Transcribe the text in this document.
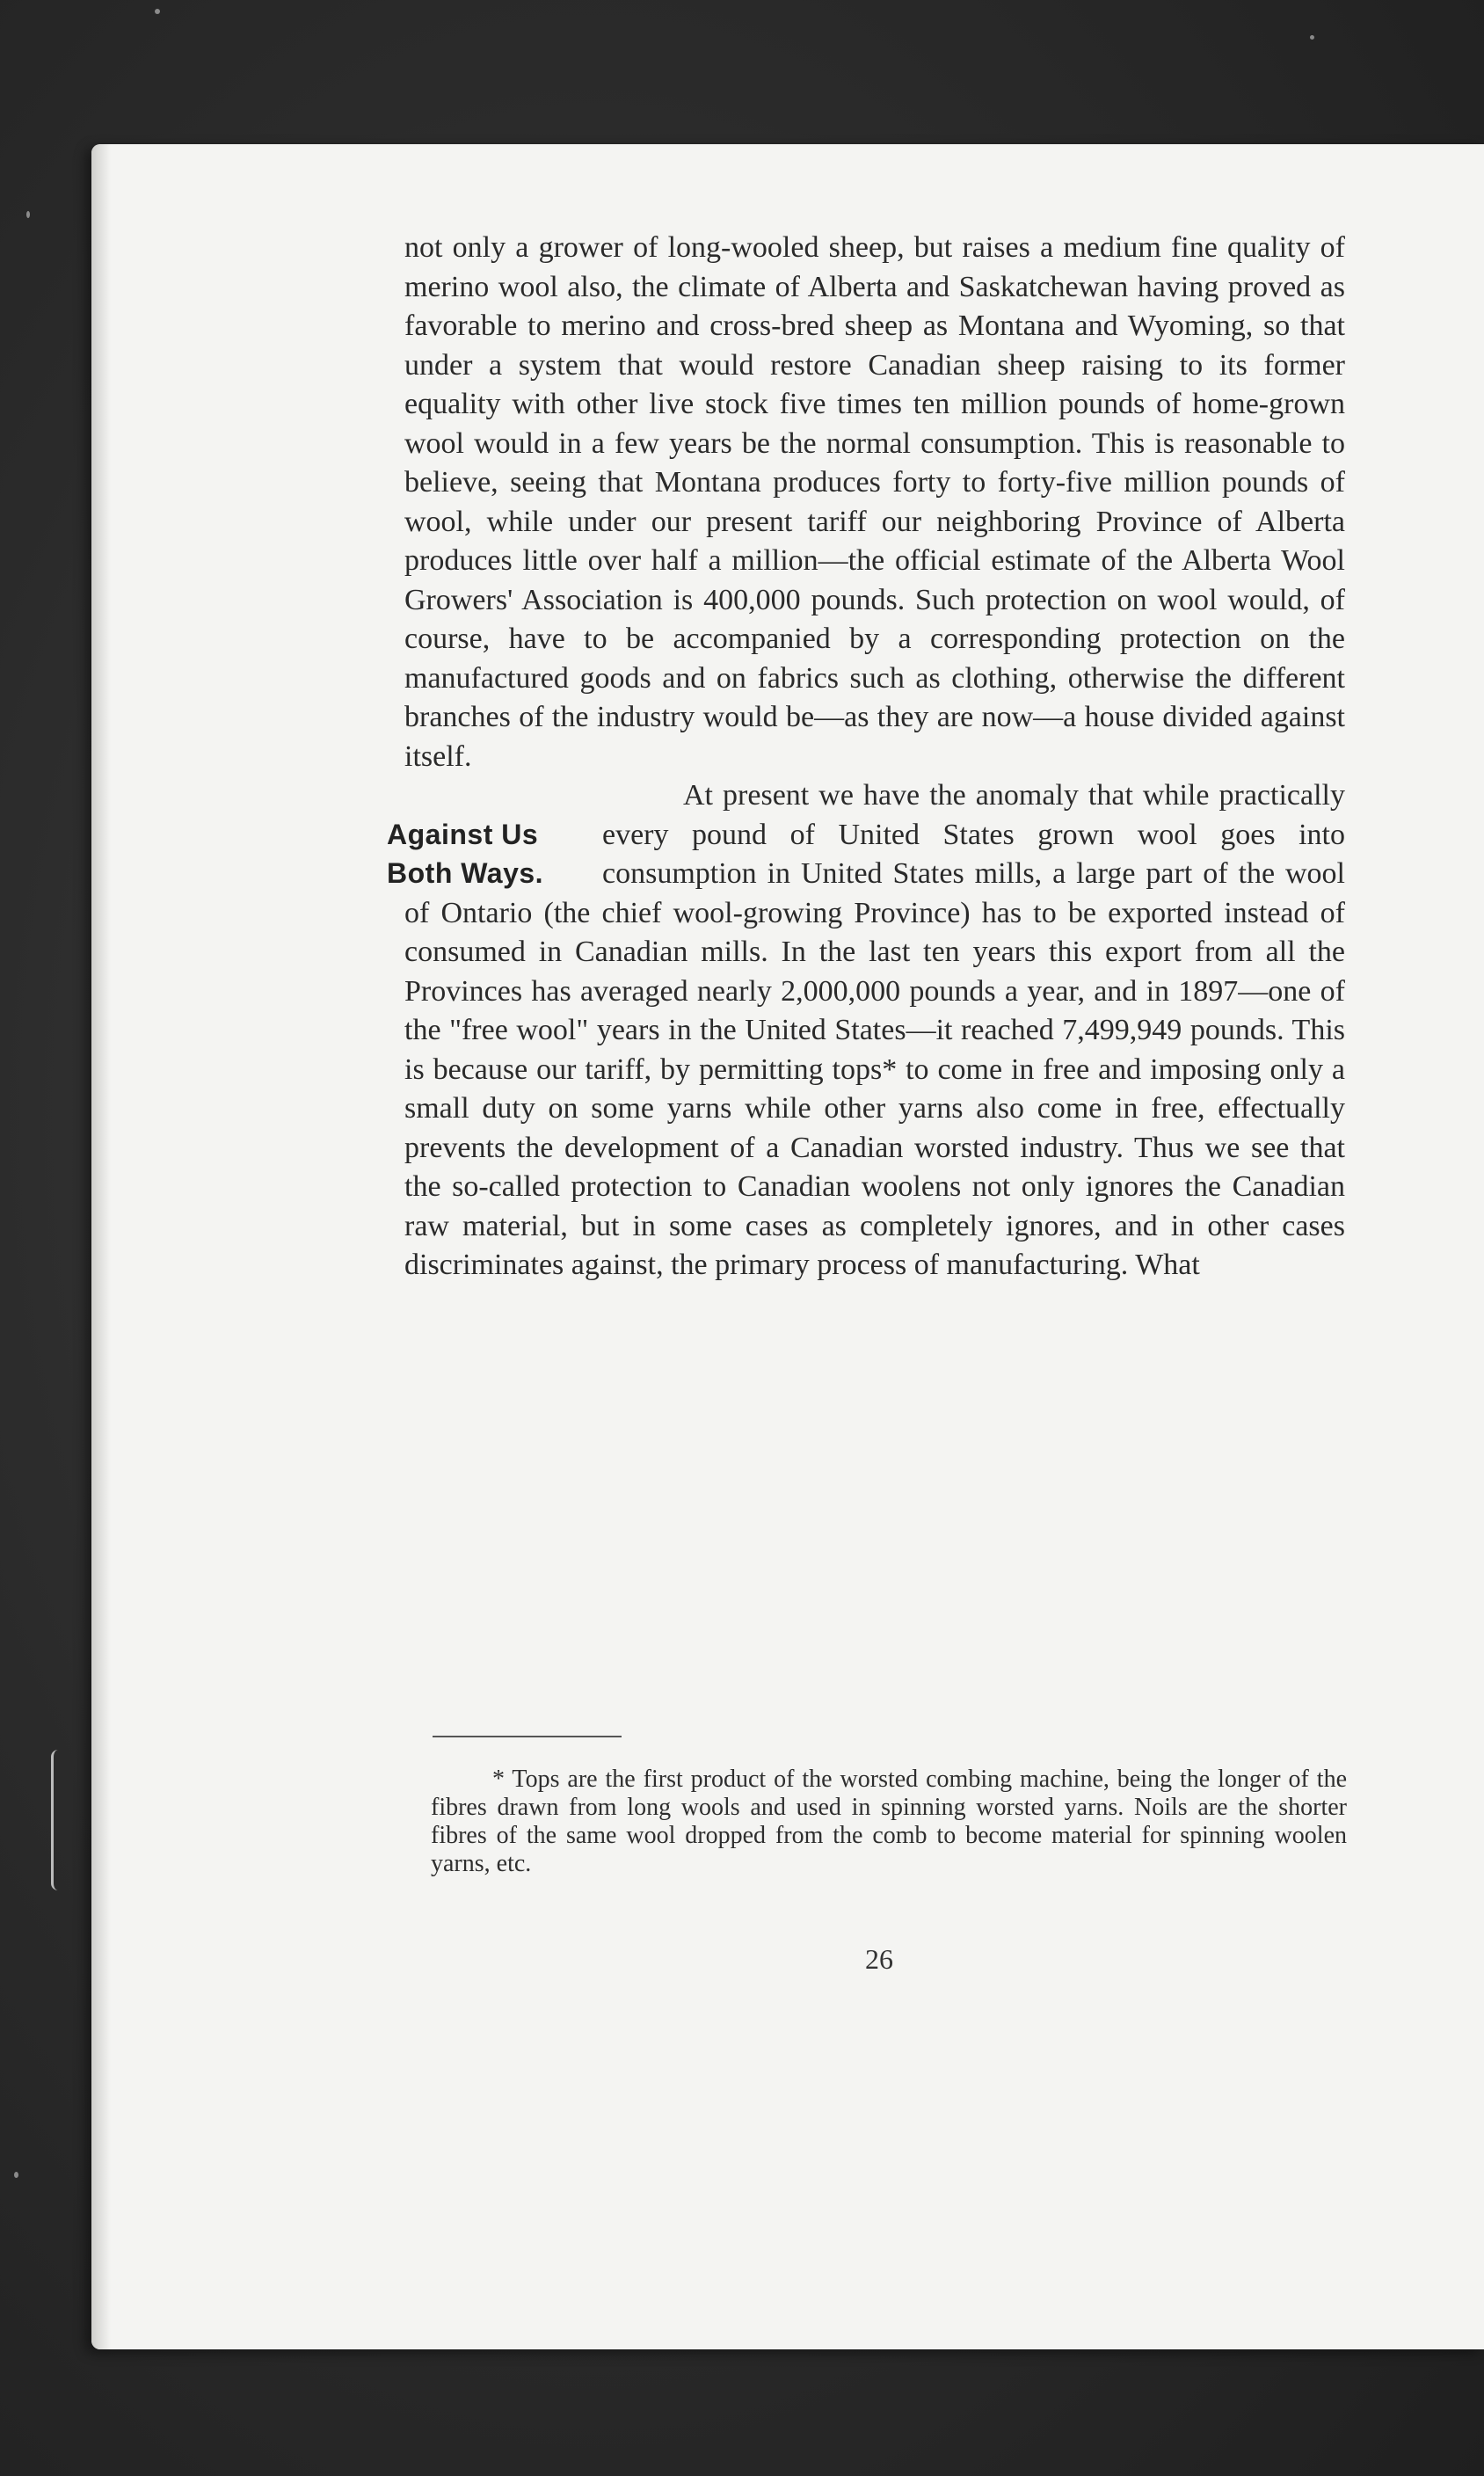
not only a grower of long-wooled sheep, but raises a medium fine quality of merino wool also, the climate of Alberta and Saskatchewan having proved as favorable to merino and cross-bred sheep as Montana and Wyoming, so that under a system that would restore Canadian sheep raising to its former equality with other live stock five times ten million pounds of home-grown wool would in a few years be the normal consumption. This is reasonable to believe, seeing that Montana produces forty to forty-five million pounds of wool, while under our present tariff our neighboring Province of Alberta produces little over half a million—the official estimate of the Alberta Wool Growers' Association is 400,000 pounds. Such protection on wool would, of course, have to be accompanied by a corresponding protection on the manufactured goods and on fabrics such as clothing, otherwise the different branches of the industry would be—as they are now—a house divided against itself.

Against Us
Both Ways.

At present we have the anomaly that while practically every pound of United States grown wool goes into consumption in United States mills, a large part of the wool of Ontario (the chief wool-growing Province) has to be exported instead of consumed in Canadian mills. In the last ten years this export from all the Provinces has averaged nearly 2,000,000 pounds a year, and in 1897—one of the "free wool" years in the United States—it reached 7,499,949 pounds. This is because our tariff, by permitting tops* to come in free and imposing only a small duty on some yarns while other yarns also come in free, effectually prevents the development of a Canadian worsted industry. Thus we see that the so-called protection to Canadian woolens not only ignores the Canadian raw material, but in some cases as completely ignores, and in other cases discriminates against, the primary process of manufacturing. What

* Tops are the first product of the worsted combing machine, being the longer of the fibres drawn from long wools and used in spinning worsted yarns. Noils are the shorter fibres of the same wool dropped from the comb to become material for spinning woolen yarns, etc.

26
